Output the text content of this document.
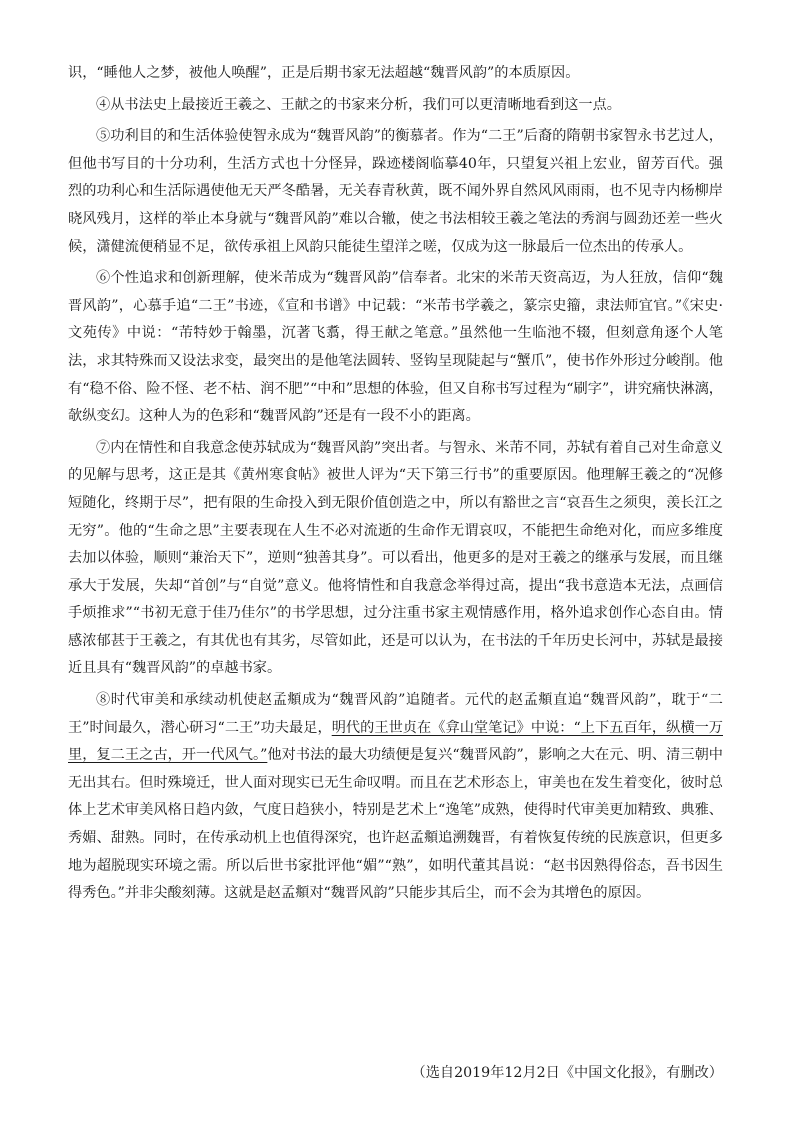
识，“睡他人之梦，被他人唤醒”，正是后期书家无法超越“魏晋风韵”的本质原因。

④从书法史上最接近王羲之、王献之的书家来分析，我们可以更清晰地看到这一点。

⑤功利目的和生活体验使智永成为“魏晋风韵”的衡慕者。作为“二王”后裔的隋朝书家智永书艺过人，但他书写目的十分功利，生活方式也十分怪异，跺迹楼阁临摹40年，只望复兴祖上宏业，留芳百代。强烈的功利心和生活际遇使他无天严冬酷暑，无关春青秋黄，既不闻外界自然风风雨雨，也不见寺内杨柳岸晓风残月，这样的举止本身就与“魏晋风韵”难以合辙，使之书法相较王羲之笔法的秀润与圆劲还差一些火候，潇健流便稍显不足，欲传承祖上风韵只能徒生望洋之嗟，仅成为这一脉最后一位杰出的传承人。

⑥个性追求和创新理解，使米芾成为“魏晋风韵”信奉者。北宋的米芾天资高迈，为人狂放，信仰“魏晋风韵”，心慕手追“二王”书迹，《宣和书谱》中记载：“米芾书学羲之，篆宗史籀，隶法师宜官。”《宋史·文苑传》中说：“芾特妙于翰墨，沉著飞翥，得王献之笔意。”虽然他一生临池不辍，但刻意角逐个人笔法，求其特殊而又设法求变，最突出的是他笔法圆转、竖钩呈现陡起与“蟹爪”，使书作外形过分峻削。他有“稳不俗、险不怪、老不枯、润不肥”“中和”思想的体验，但又自称书写过程为“刷字”，讲究痛快淋漓，欹纵变幻。这种人为的色彩和“魏晋风韵”还是有一段不小的距离。

⑦内在情性和自我意念使苏轼成为“魏晋风韵”突出者。与智永、米芾不同，苏轼有着自己对生命意义的见解与思考，这正是其《黄州寒食帖》被世人评为“天下第三行书”的重要原因。他理解王羲之的“况修短随化，终期于尽”，把有限的生命投入到无限价值创造之中，所以有豁世之言“哀吾生之须臾，羡长江之无穷”。他的“生命之思”主要表现在人生不必对流逝的生命作无谓哀叹，不能把生命绝对化，而应多维度去加以体验，顺则“兼治天下”，逆则“独善其身”。可以看出，他更多的是对王羲之的继承与发展，而且继承大于发展，失却“首创”与“自觉”意义。他将情性和自我意念举得过高，提出“我书意造本无法，点画信手烦推求”“书初无意于佳乃佳尔”的书学思想，过分注重书家主观情感作用，格外追求创作心态自由。情感浓郁甚于王羲之，有其优也有其劣，尽管如此，还是可以认为，在书法的千年历史长河中，苏轼是最接近且具有“魏晋风韵”的卓越书家。

⑧时代审美和承续动机使赵孟頫成为“魏晋风韵”追随者。元代的赵孟頫直追“魏晋风韵”，耽于“二王”时间最久，潜心研习“二王”功夫最足，明代的王世贞在《弇山堂笔记》中说：“上下五百年，纵横一万里，复二王之古，开一代风气。”他对书法的最大功绩便是复兴“魏晋风韵”，影响之大在元、明、清三朝中无出其右。但时殊境迁，世人面对现实已无生命叹喟。而且在艺术形态上，审美也在发生着变化，彼时总体上艺术审美风格日趋内敛，气度日趋狭小，特别是艺术上“逸笔”成熟，使得时代审美更加精致、典雅、秀媚、甜熟。同时，在传承动机上也值得深究，也许赵孟頫追溯魏晋，有着恢复传统的民族意识，但更多地为超脱现实环境之需。所以后世书家批评他“媚”“熟”，如明代董其昌说：“赵书因熟得俗态，吾书因生得秀色。”并非尖酸刻薄。这就是赵孟頫对“魏晋风韵”只能步其后尘，而不会为其增色的原因。

（选自2019年12月2日《中国文化报》，有删改）
